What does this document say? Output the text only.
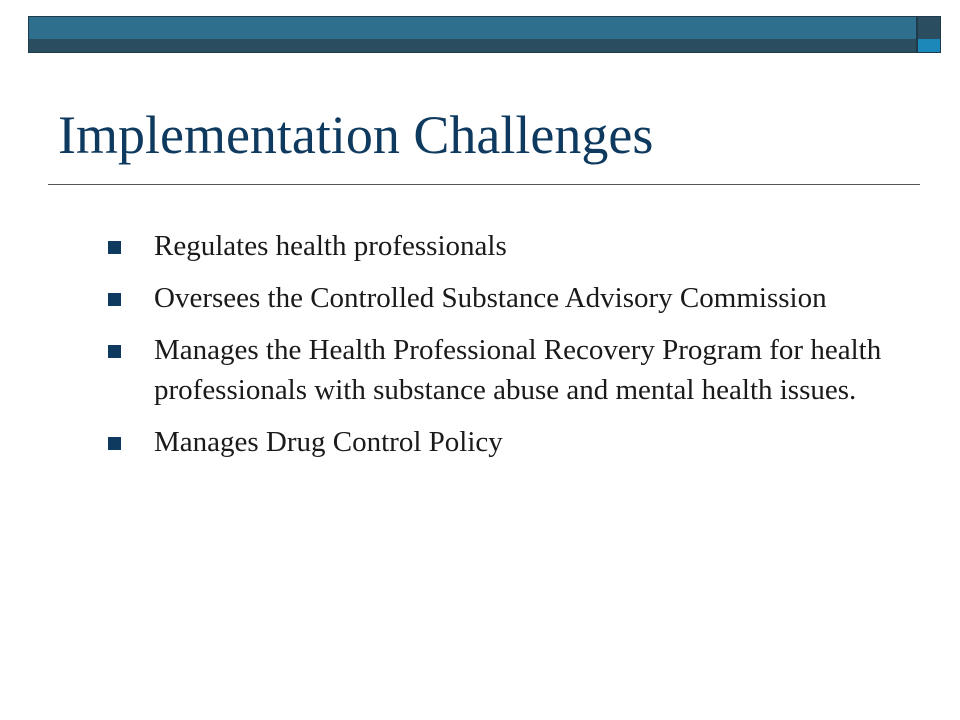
Implementation Challenges
Regulates health professionals
Oversees the Controlled Substance Advisory Commission
Manages the Health Professional Recovery Program for health professionals with substance abuse and mental health issues.
Manages Drug Control Policy
